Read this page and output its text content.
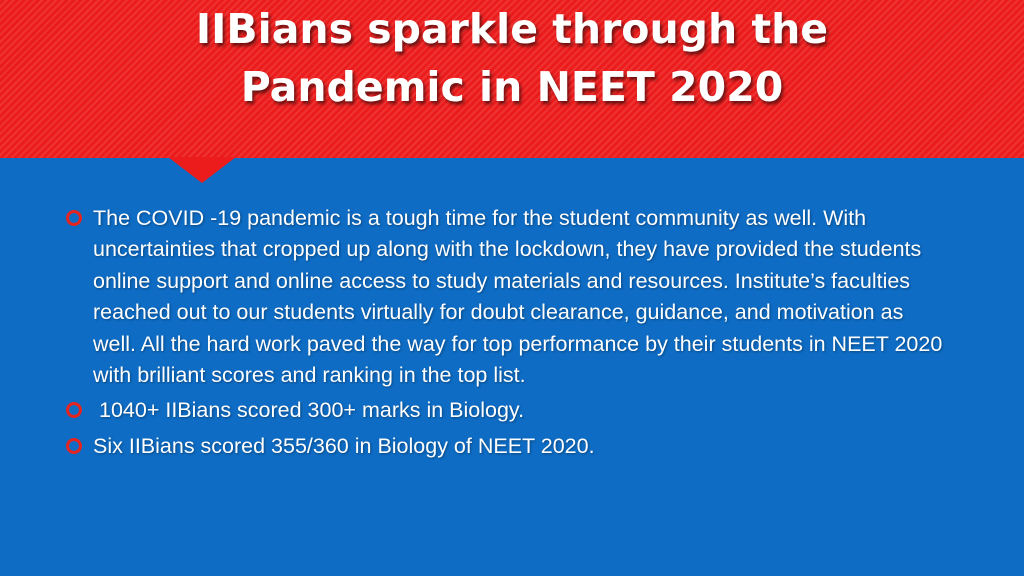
IIBians sparkle through the
Pandemic in NEET 2020
The COVID -19 pandemic is a tough time for the student community as well. With uncertainties that cropped up along with the lockdown, they have provided the students online support and online access to study materials and resources. Institute’s faculties reached out to our students virtually for doubt clearance, guidance, and motivation as well. All the hard work paved the way for top performance by their students in NEET 2020 with brilliant scores and ranking in the top list.
1040+ IIBians scored 300+ marks in Biology.
Six IIBians scored 355/360 in Biology of NEET 2020.
